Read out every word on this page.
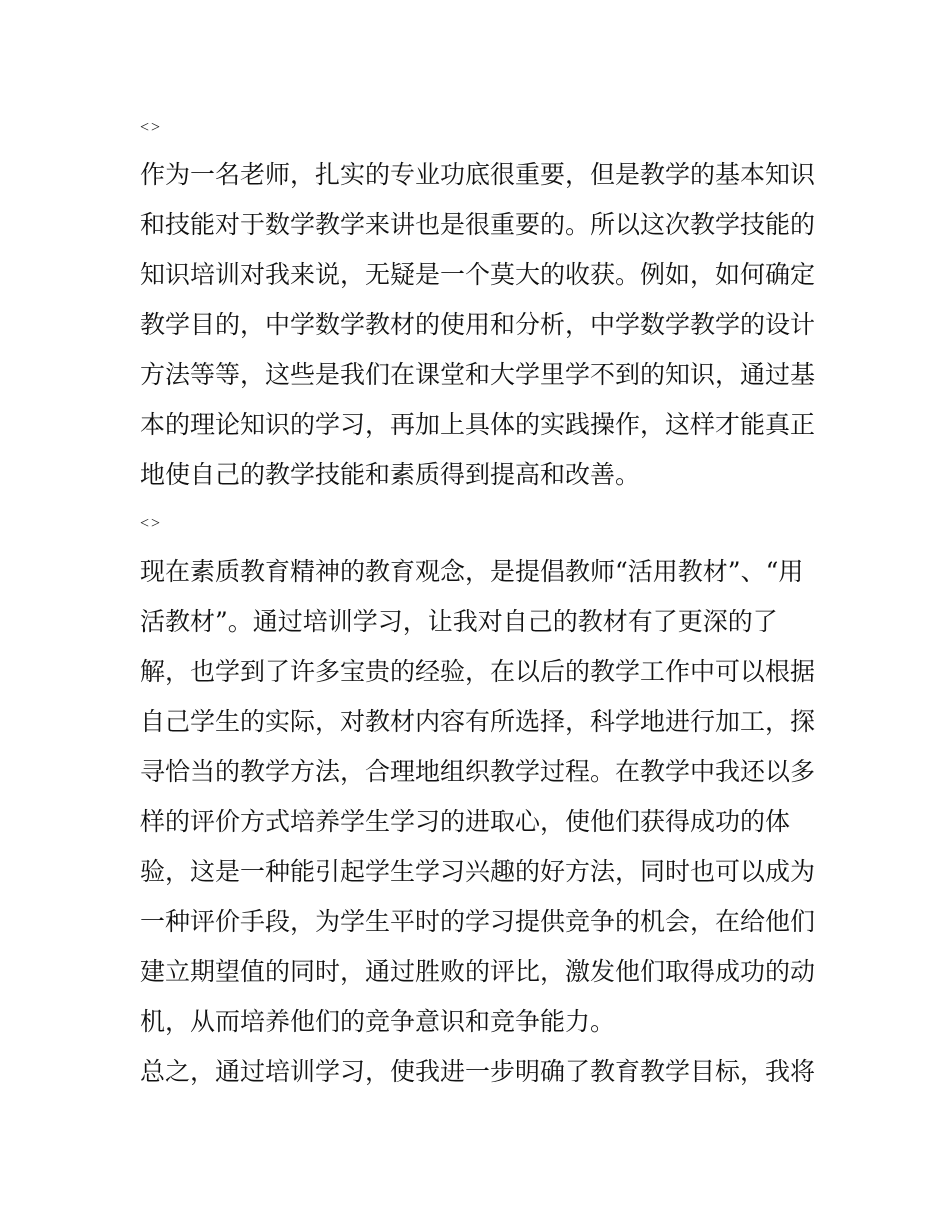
<>
作为一名老师，扎实的专业功底很重要，但是教学的基本知识
和技能对于数学教学来讲也是很重要的。所以这次教学技能的
知识培训对我来说，无疑是一个莫大的收获。例如，如何确定
教学目的，中学数学教材的使用和分析，中学数学教学的设计
方法等等，这些是我们在课堂和大学里学不到的知识，通过基
本的理论知识的学习，再加上具体的实践操作，这样才能真正
地使自己的教学技能和素质得到提高和改善。
<>
现在素质教育精神的教育观念，是提倡教师“活用教材”、“用
活教材”。通过培训学习，让我对自己的教材有了更深的了
解，也学到了许多宝贵的经验，在以后的教学工作中可以根据
自己学生的实际，对教材内容有所选择，科学地进行加工，探
寻恰当的教学方法，合理地组织教学过程。在教学中我还以多
样的评价方式培养学生学习的进取心，使他们获得成功的体
验，这是一种能引起学生学习兴趣的好方法，同时也可以成为
一种评价手段，为学生平时的学习提供竞争的机会，在给他们
建立期望值的同时，通过胜败的评比，激发他们取得成功的动
机，从而培养他们的竞争意识和竞争能力。
总之，通过培训学习，使我进一步明确了教育教学目标，我将
